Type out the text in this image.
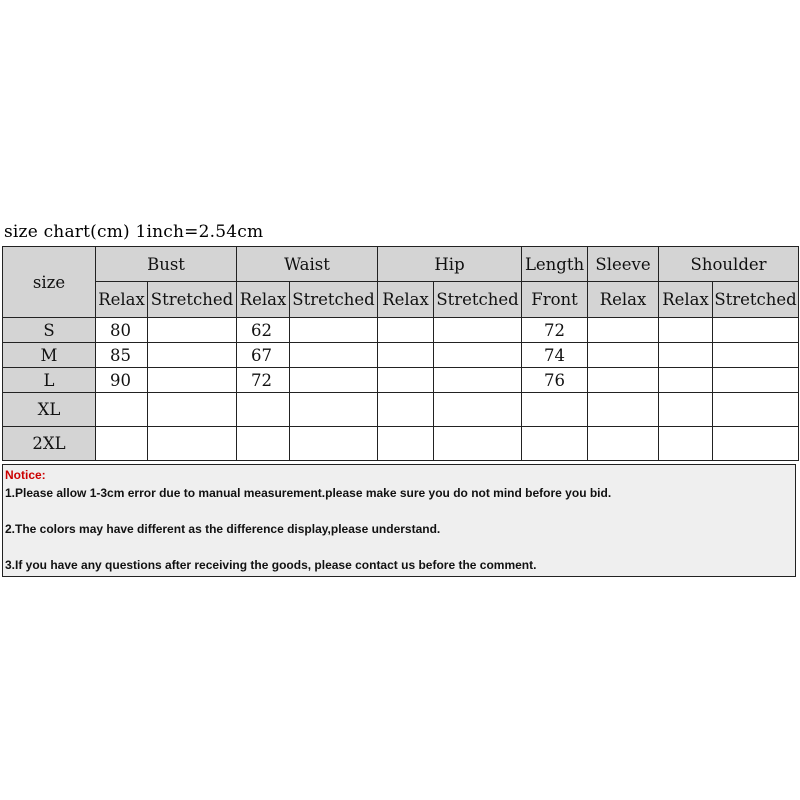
size chart(cm) 1inch=2.54cm
size	Bust		Waist		Hip		Length	Sleeve	Shoulder	
	Relax	Stretched	Relax	Stretched	Relax	Stretched	Front	Relax	Relax	Stretched
S	80		62				72			
M	85		67				74			
L	90		72				76			
XL										
2XL										
Notice:
1.Please allow 1-3cm error due to manual measurement.please make sure you do not mind before you bid.
2.The colors may have different as the difference display,please understand.
3.If you have any questions after receiving the goods, please contact us before the comment.
